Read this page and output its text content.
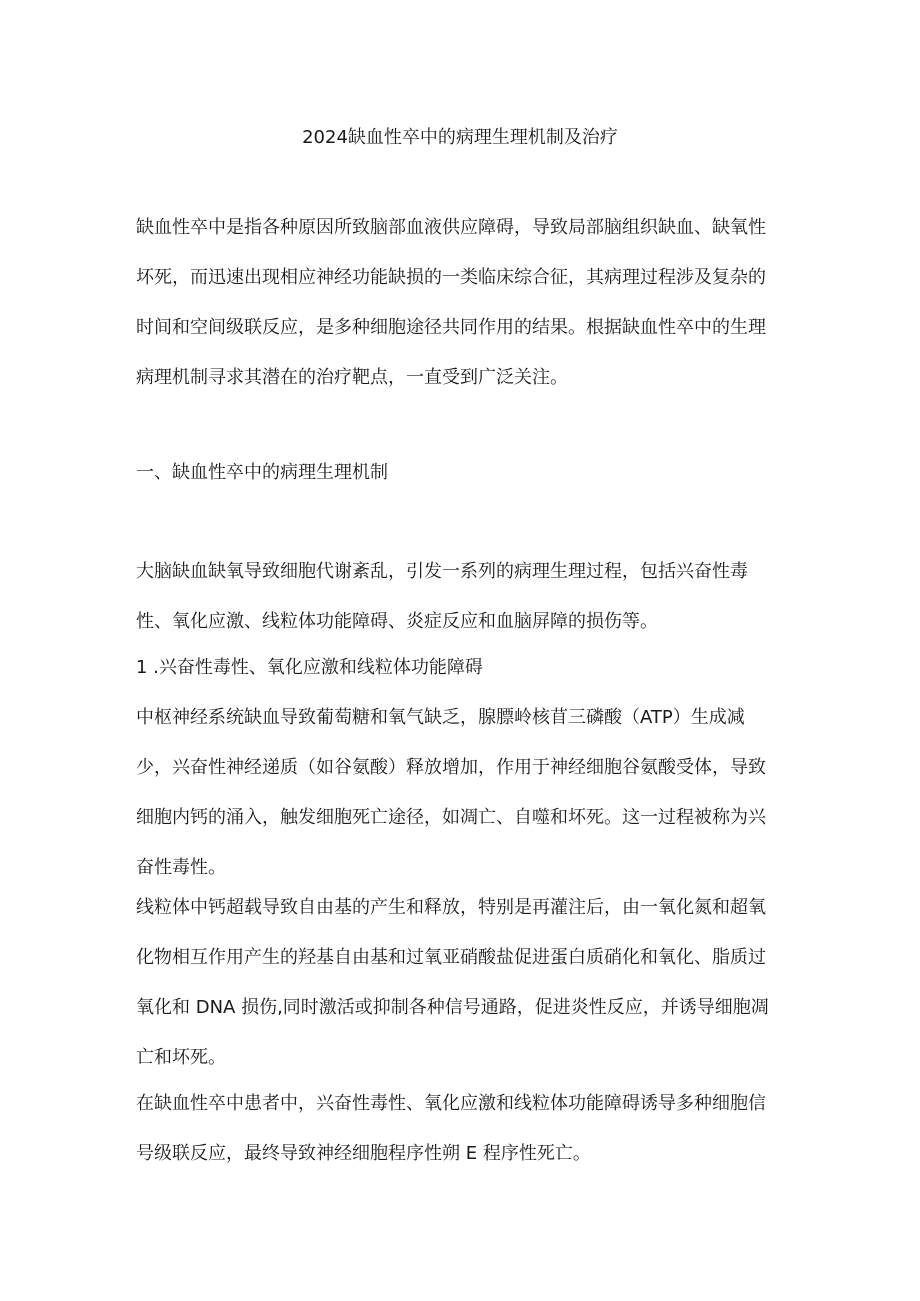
2024缺血性卒中的病理生理机制及治疗
缺血性卒中是指各种原因所致脑部血液供应障碍，导致局部脑组织缺血、缺氧性
坏死，而迅速出现相应神经功能缺损的一类临床综合征，其病理过程涉及复杂的
时间和空间级联反应，是多种细胞途径共同作用的结果。根据缺血性卒中的生理
病理机制寻求其潜在的治疗靶点，一直受到广泛关注。
一、缺血性卒中的病理生理机制
大脑缺血缺氧导致细胞代谢紊乱，引发一系列的病理生理过程，包括兴奋性毒
性、氧化应激、线粒体功能障碍、炎症反应和血脑屏障的损伤等。
1 .兴奋性毒性、氧化应激和线粒体功能障碍
中枢神经系统缺血导致葡萄糖和氧气缺乏，腺膘岭核苜三磷酸（ATP）生成减
少，兴奋性神经递质（如谷氨酸）释放增加，作用于神经细胞谷氨酸受体，导致
细胞内钙的涌入，触发细胞死亡途径，如凋亡、自噬和坏死。这一过程被称为兴
奋性毒性。
线粒体中钙超载导致自由基的产生和释放，特别是再灌注后，由一氧化氮和超氧
化物相互作用产生的羟基自由基和过氧亚硝酸盐促进蛋白质硝化和氧化、脂质过
氧化和 DNA 损伤,同时激活或抑制各种信号通路，促进炎性反应，并诱导细胞凋
亡和坏死。
在缺血性卒中患者中，兴奋性毒性、氧化应激和线粒体功能障碍诱导多种细胞信
号级联反应，最终导致神经细胞程序性朔 E 程序性死亡。
